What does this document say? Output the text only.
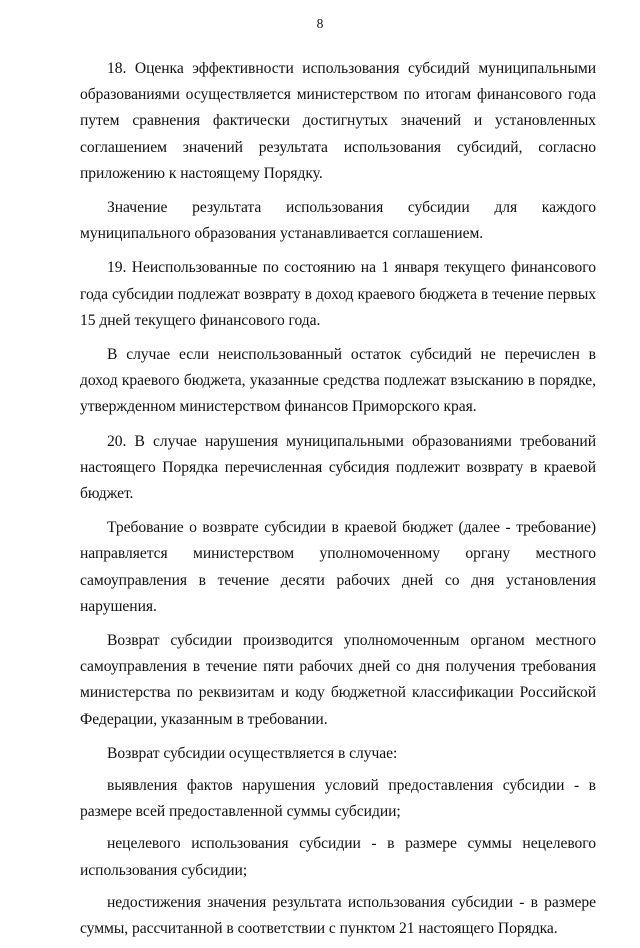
8

18. Оценка эффективности использования субсидий муниципальными образованиями осуществляется министерством по итогам финансового года путем сравнения фактически достигнутых значений и установленных соглашением значений результата использования субсидий, согласно приложению к настоящему Порядку.

Значение результата использования субсидии для каждого муниципального образования устанавливается соглашением.

19. Неиспользованные по состоянию на 1 января текущего финансового года субсидии подлежат возврату в доход краевого бюджета в течение первых 15 дней текущего финансового года.

В случае если неиспользованный остаток субсидий не перечислен в доход краевого бюджета, указанные средства подлежат взысканию в порядке, утвержденном министерством финансов Приморского края.

20. В случае нарушения муниципальными образованиями требований настоящего Порядка перечисленная субсидия подлежит возврату в краевой бюджет.

Требование о возврате субсидии в краевой бюджет (далее - требование) направляется министерством уполномоченному органу местного самоуправления в течение десяти рабочих дней со дня установления нарушения.

Возврат субсидии производится уполномоченным органом местного самоуправления в течение пяти рабочих дней со дня получения требования министерства по реквизитам и коду бюджетной классификации Российской Федерации, указанным в требовании.

Возврат субсидии осуществляется в случае:

выявления фактов нарушения условий предоставления субсидии - в размере всей предоставленной суммы субсидии;

нецелевого использования субсидии - в размере суммы нецелевого использования субсидии;

недостижения значения результата использования субсидии - в размере суммы, рассчитанной в соответствии с пунктом 21 настоящего Порядка.
